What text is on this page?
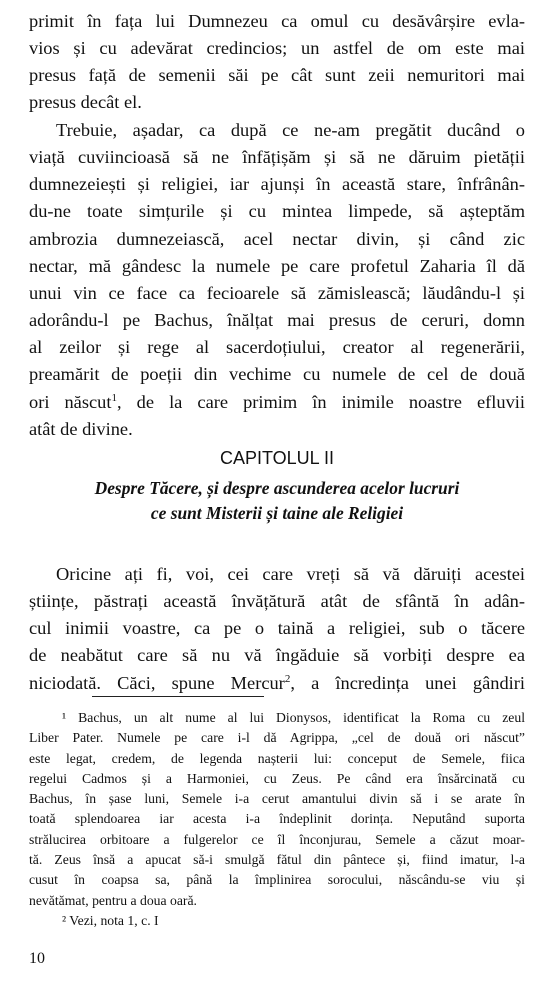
primit în fața lui Dumnezeu ca omul cu desăvârșire evla-
vios și cu adevărat credincios; un astfel de om este mai
presus față de semenii săi pe cât sunt zeii nemuritori mai
presus decât el.
Trebuie, așadar, ca după ce ne-am pregătit ducând o
viață cuviincioasă să ne înfățișăm și să ne dăruim pietății
dumnezeiești și religiei, iar ajunși în această stare, înfrânân-
du-ne toate simțurile și cu mintea limpede, să așteptăm
ambrozia dumnezeiască, acel nectar divin, și când zic
nectar, mă gândesc la numele pe care profetul Zaharia îl dă
unui vin ce face ca fecioarele să zămislească; lăudându-l și
adorându-l pe Bachus, înălțat mai presus de ceruri, domn
al zeilor și rege al sacerdoțiului, creator al regenerării,
preamărit de poeții din vechime cu numele de cel de două
ori născut$^1$, de la care primim în inimile noastre efluvii
atât de divine.
CAPITOLUL II
Despre Tăcere, și despre ascunderea acelor lucruri
ce sunt Misterii și taine ale Religiei
Oricine ați fi, voi, cei care vreți să vă dăruiți acestei
științe, păstrați această învățătură atât de sfântă în adân-
cul inimii voastre, ca pe o taină a religiei, sub o tăcere
de neabătut care să nu vă îngăduie să vorbiți despre ea
niciodată. Căci, spune Mercur$^2$, a încredința unei gândiri
¹ Bachus, un alt nume al lui Dionysos, identificat la Roma cu zeul
Liber Pater. Numele pe care i-l dă Agrippa, „cel de două ori născut”
este legat, credem, de legenda nașterii lui: conceput de Semele, fiica
regelui Cadmos și a Harmoniei, cu Zeus. Pe când era însărcinată cu
Bachus, în șase luni, Semele i-a cerut amantului divin să i se arate în
toată splendoarea iar acesta i-a îndeplinit dorința. Neputând suporta
strălucirea orbitoare a fulgerelor ce îl înconjurau, Semele a căzut moar-
tă. Zeus însă a apucat să-i smulgă fătul din pântece și, fiind imatur, l-a
cusut în coapsa sa, până la împlinirea sorocului, născându-se viu și
nevătămat, pentru a doua oară.
² Vezi, nota 1, c. I
10
